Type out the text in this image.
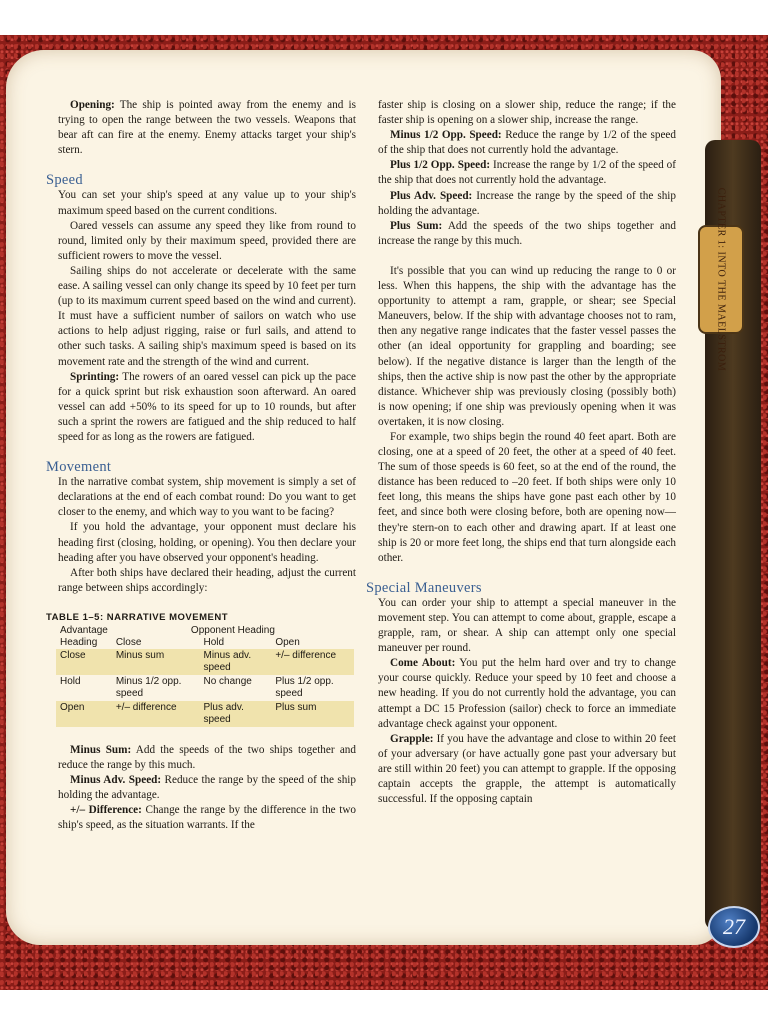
CHAPTER 1: INTO THE MAELSTROM
27

Opening: The ship is pointed away from the enemy and is trying to open the range between the two vessels. Weapons that bear aft can fire at the enemy. Enemy attacks target your ship's stern.

Speed

You can set your ship's speed at any value up to your ship's maximum speed based on the current conditions.

Oared vessels can assume any speed they like from round to round, limited only by their maximum speed, provided there are sufficient rowers to move the vessel.

Sailing ships do not accelerate or decelerate with the same ease. A sailing vessel can only change its speed by 10 feet per turn (up to its maximum current speed based on the wind and current). It must have a sufficient number of sailors on watch who use actions to help adjust rigging, raise or furl sails, and attend to other such tasks. A sailing ship's maximum speed is based on its movement rate and the strength of the wind and current.

Sprinting: The rowers of an oared vessel can pick up the pace for a quick sprint but risk exhaustion soon afterward. An oared vessel can add +50% to its speed for up to 10 rounds, but after such a sprint the rowers are fatigued and the ship reduced to half speed for as long as the rowers are fatigued.

Movement

In the narrative combat system, ship movement is simply a set of declarations at the end of each combat round: Do you want to get closer to the enemy, and which way to you want to be facing?

If you hold the advantage, your opponent must declare his heading first (closing, holding, or opening). You then declare your heading after you have observed your opponent's heading.

After both ships have declared their heading, adjust the current range between ships accordingly:

TABLE 1–5: NARRATIVE MOVEMENT
Advantage	Opponent Heading		
Heading	Close	Hold	Open
Close	Minus sum	Minus adv. speed	+/– difference
Hold	Minus 1/2 opp. speed	No change	Plus 1/2 opp. speed
Open	+/– difference	Plus adv. speed	Plus sum

Minus Sum: Add the speeds of the two ships together and reduce the range by this much.

Minus Adv. Speed: Reduce the range by the speed of the ship holding the advantage.

+/– Difference: Change the range by the difference in the two ship's speed, as the situation warrants. If the

faster ship is closing on a slower ship, reduce the range; if the faster ship is opening on a slower ship, increase the range.

Minus 1/2 Opp. Speed: Reduce the range by 1/2 of the speed of the ship that does not currently hold the advantage.

Plus 1/2 Opp. Speed: Increase the range by 1/2 of the speed of the ship that does not currently hold the advantage.

Plus Adv. Speed: Increase the range by the speed of the ship holding the advantage.

Plus Sum: Add the speeds of the two ships together and increase the range by this much.

It's possible that you can wind up reducing the range to 0 or less. When this happens, the ship with the advantage has the opportunity to attempt a ram, grapple, or shear; see Special Maneuvers, below. If the ship with advantage chooses not to ram, then any negative range indicates that the faster vessel passes the other (an ideal opportunity for grappling and boarding; see below). If the negative distance is larger than the length of the ships, then the active ship is now past the other by the appropriate distance. Whichever ship was previously closing (possibly both) is now opening; if one ship was previously opening when it was overtaken, it is now closing.

For example, two ships begin the round 40 feet apart. Both are closing, one at a speed of 20 feet, the other at a speed of 40 feet. The sum of those speeds is 60 feet, so at the end of the round, the distance has been reduced to –20 feet. If both ships were only 10 feet long, this means the ships have gone past each other by 10 feet, and since both were closing before, both are opening now—they're stern-on to each other and drawing apart. If at least one ship is 20 or more feet long, the ships end that turn alongside each other.

Special Maneuvers

You can order your ship to attempt a special maneuver in the movement step. You can attempt to come about, grapple, escape a grapple, ram, or shear. A ship can attempt only one special maneuver per round.

Come About: You put the helm hard over and try to change your course quickly. Reduce your speed by 10 feet and choose a new heading. If you do not currently hold the advantage, you can attempt a DC 15 Profession (sailor) check to force an immediate advantage check against your opponent.

Grapple: If you have the advantage and close to within 20 feet of your adversary (or have actually gone past your adversary but are still within 20 feet) you can attempt to grapple. If the opposing captain accepts the grapple, the attempt is automatically successful. If the opposing captain
